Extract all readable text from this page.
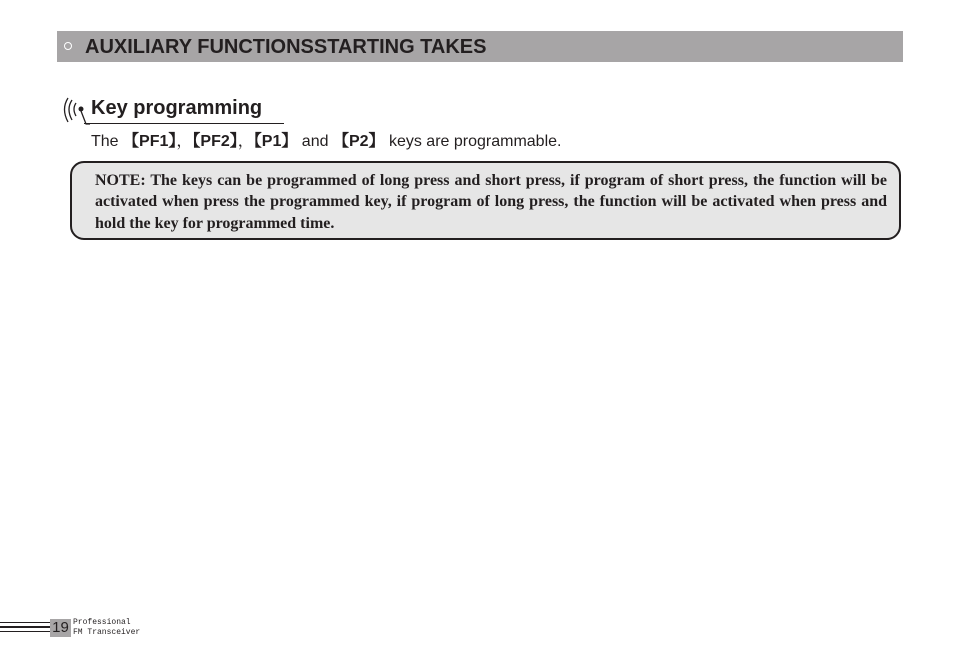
AUXILIARY FUNCTIONSSTARTING TAKES
Key programming
The 【PF1】，【PF2】，【P1】 and 【P2】 keys are programmable.

NOTE: The keys can be programmed of long press and short press, if program of short press, the function will be activated when press the programmed key, if program of long press, the function will be activated when press and hold the key for programmed time.

19 Professional
FM Transceiver
